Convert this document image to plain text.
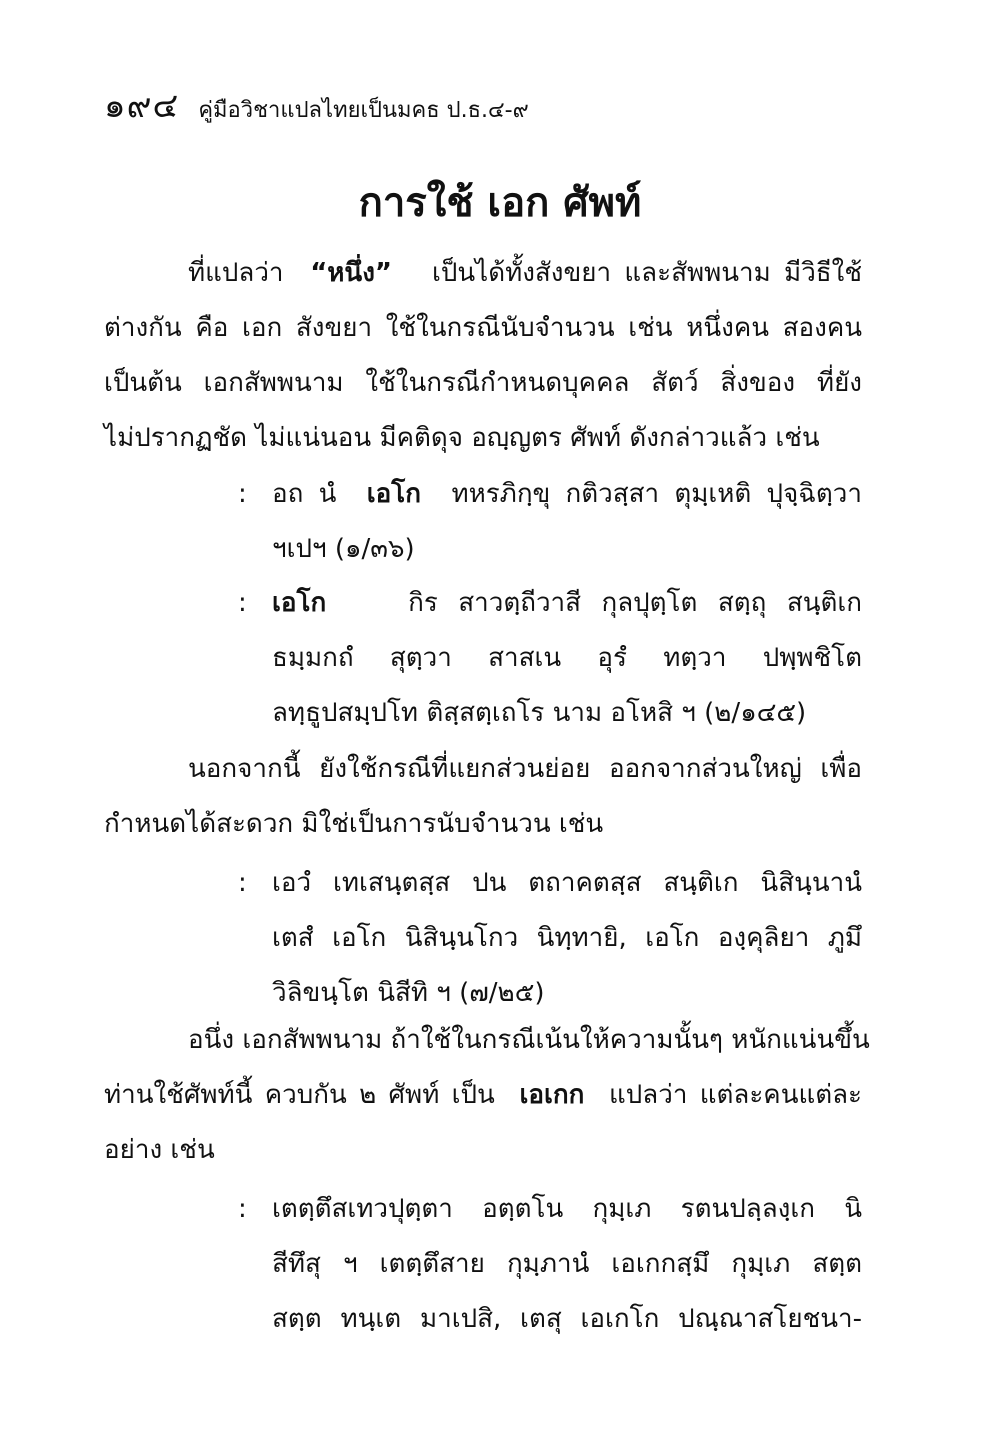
๑๙๔ คู่มือวิชาแปลไทยเป็นมคธ ป.ธ.๔-๙
การใช้ เอก ศัพท์
ที่แปลว่า “หนึ่ง” เป็นได้ทั้งสังขยา และสัพพนาม มีวิธีใช้
ต่างกัน คือ เอก สังขยา ใช้ในกรณีนับจำนวน เช่น หนึ่งคน สองคน
เป็นต้น เอกสัพพนาม ใช้ในกรณีกำหนดบุคคล สัตว์ สิ่งของ ที่ยัง
ไม่ปรากฏชัด ไม่แน่นอน มีคติดุจ อญฺญตร ศัพท์ ดังกล่าวแล้ว เช่น
: อถ นํ เอโก ทหรภิกฺขุ กติวสฺสา ตุมฺเหติ ปุจฺฉิตฺวา
ฯเปฯ (๑/๓๖)
: เอโก	กิร สาวตฺถีวาสี กุลปุตฺโต สตฺถุ สนฺติเก
ธมฺมกถํ สุตฺวา สาสเน อุรํ ทตฺวา ปพฺพชิโต
ลทฺธูปสมฺปโท ติสฺสตฺเถโร นาม อโหสิ ฯ (๒/๑๔๕)
นอกจากนี้ ยังใช้กรณีที่แยกส่วนย่อย ออกจากส่วนใหญ่ เพื่อ
กำหนดได้สะดวก มิใช่เป็นการนับจำนวน เช่น
: เอวํ เทเสนฺตสฺส ปน ตถาคตสฺส สนฺติเก นิสินฺนานํ
เตสํ เอโก นิสินฺนโกว นิทฺทายิ, เอโก องฺคุลิยา ภูมึ
วิลิขนฺโต นิสีทิ ฯ (๗/๒๕)
อนึ่ง เอกสัพพนาม ถ้าใช้ในกรณีเน้นให้ความนั้นๆ หนักแน่นขึ้น
ท่านใช้ศัพท์นี้ ควบกัน ๒ ศัพท์ เป็น เอเกก แปลว่า แต่ละคนแต่ละ
อย่าง เช่น
: เตตฺตึสเทวปุตฺตา อตฺตโน กุมฺเภ รตนปลฺลงฺเก นิ
สีทึสุ ฯ เตตฺตึสาย กุมฺภานํ เอเกกสฺมึ กุมฺเภ สตฺต
สตฺต ทนฺเต มาเปสิ, เตสุ เอเกโก ปณฺณาสโยชนา-
